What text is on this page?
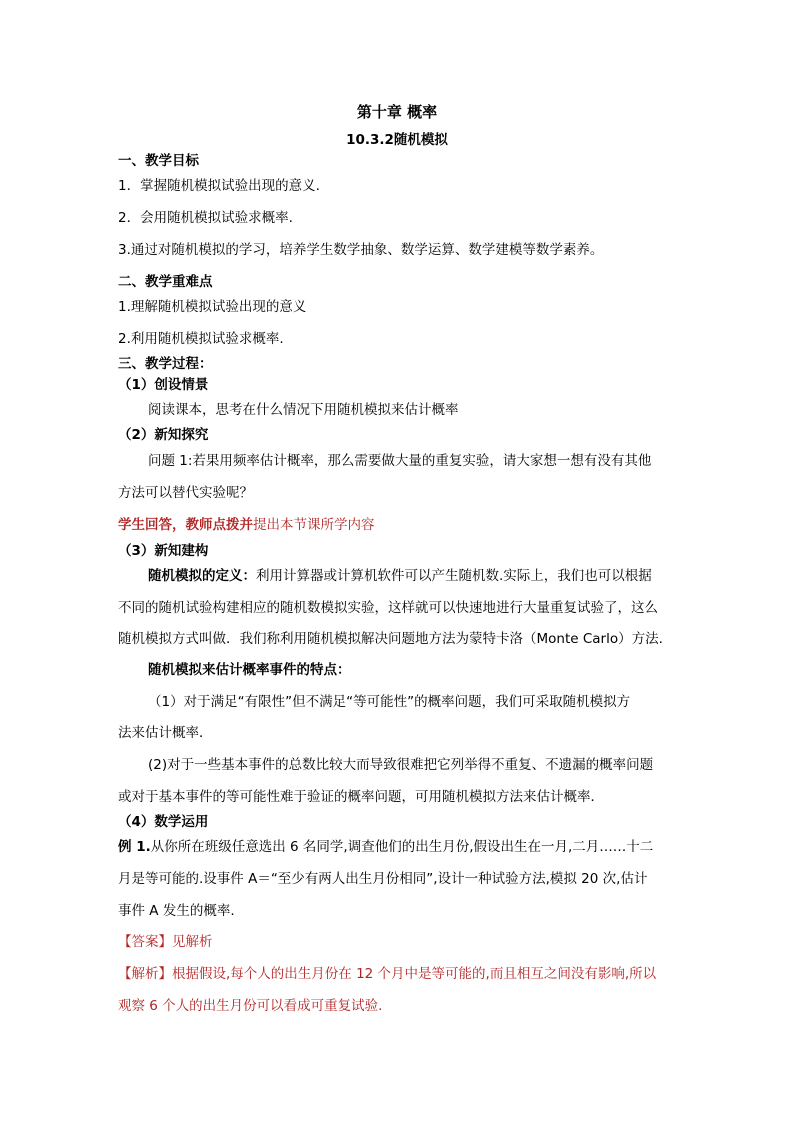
第十章 概率
10.3.2随机模拟
一、教学目标
1．掌握随机模拟试验出现的意义.
2．会用随机模拟试验求概率.
3.通过对随机模拟的学习，培养学生数学抽象、数学运算、数学建模等数学素养。
二、教学重难点
1.理解随机模拟试验出现的意义
2.利用随机模拟试验求概率.
三、教学过程：
（1）创设情景
阅读课本，思考在什么情况下用随机模拟来估计概率
（2）新知探究
问题 1:若果用频率估计概率，那么需要做大量的重复实验，请大家想一想有没有其他
方法可以替代实验呢？
学生回答，教师点拨并提出本节课所学内容
（3）新知建构
随机模拟的定义：利用计算器或计算机软件可以产生随机数.实际上，我们也可以根据
不同的随机试验构建相应的随机数模拟实验，这样就可以快速地进行大量重复试验了，这么
随机模拟方式叫做．我们称利用随机模拟解决问题地方法为蒙特卡洛（Monte Carlo）方法.
随机模拟来估计概率事件的特点：
（1）对于满足“有限性”但不满足“等可能性”的概率问题，我们可采取随机模拟方
法来估计概率．
(2)对于一些基本事件的总数比较大而导致很难把它列举得不重复、不遗漏的概率问题
或对于基本事件的等可能性难于验证的概率问题，可用随机模拟方法来估计概率．
（4）数学运用
例 1.从你所在班级任意选出 6 名同学,调查他们的出生月份,假设出生在一月,二月……十二
月是等可能的.设事件 A＝“至少有两人出生月份相同”,设计一种试验方法,模拟 20 次,估计
事件 A 发生的概率.
【答案】见解析
【解析】根据假设,每个人的出生月份在 12 个月中是等可能的,而且相互之间没有影响,所以
观察 6 个人的出生月份可以看成可重复试验.
